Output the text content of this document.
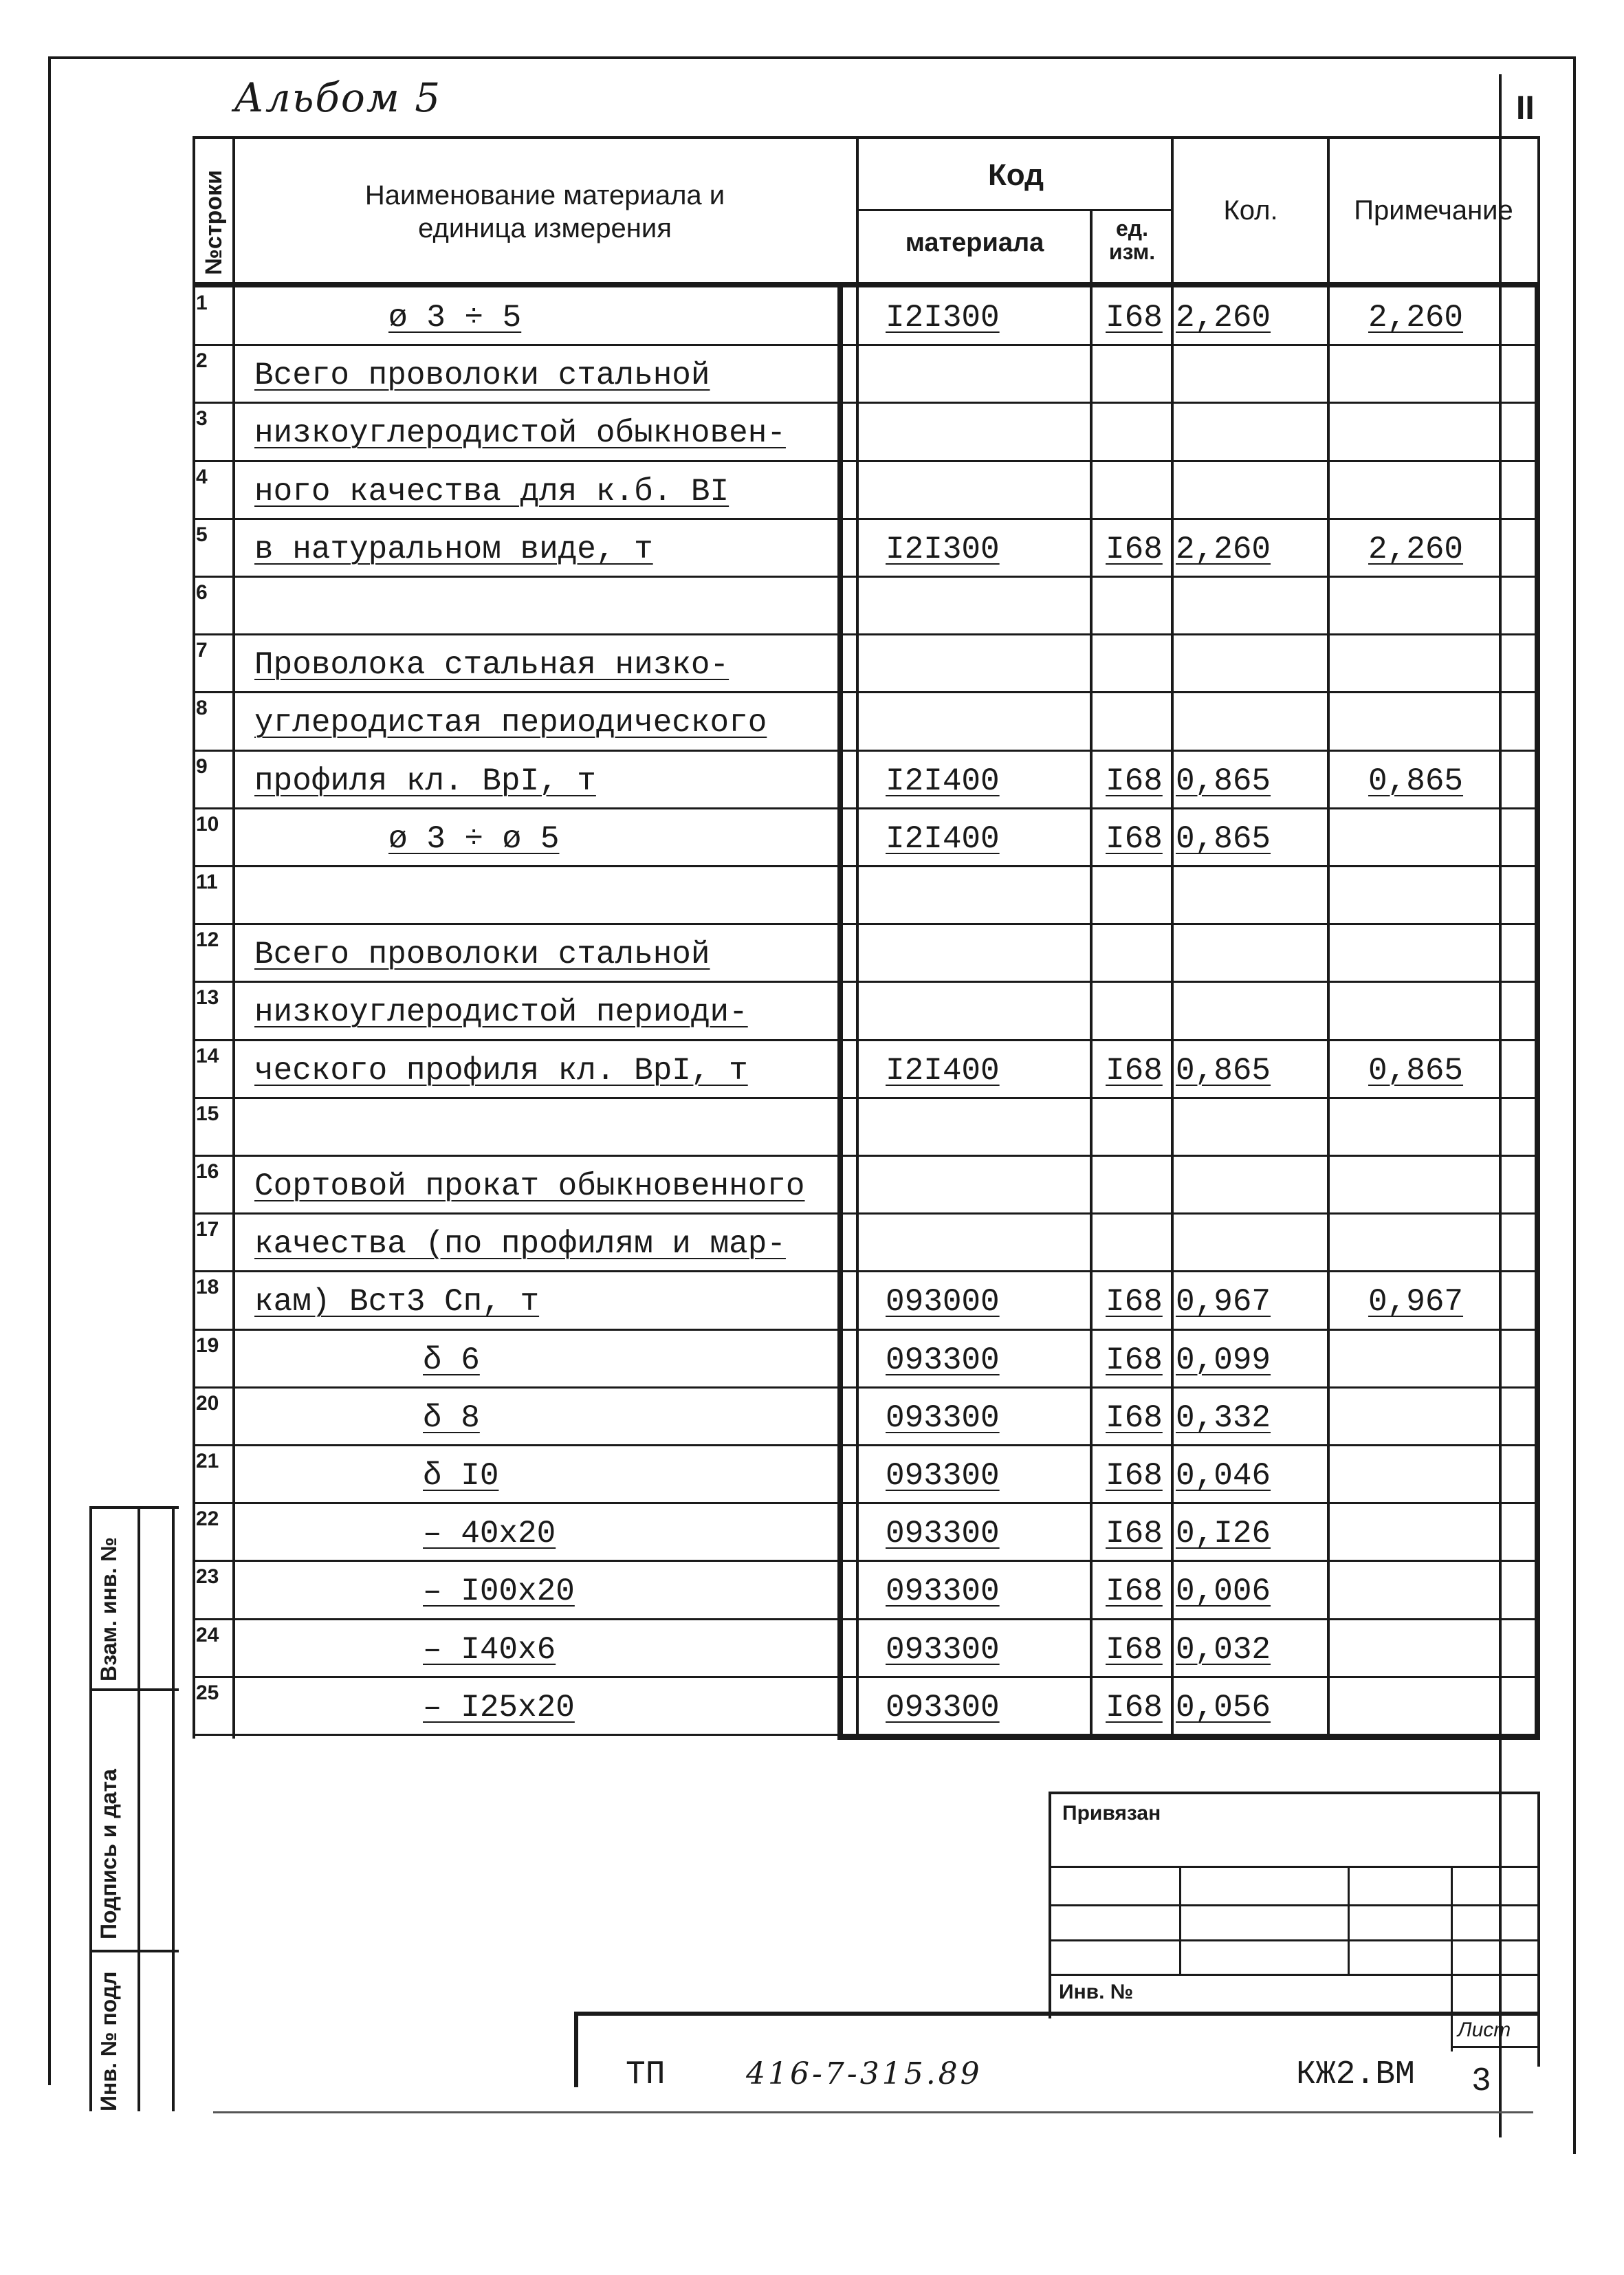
Альбом 5	II
№строки	Наименование материала и
единица измерения
Код
материала	ед.
изм.
Кол.	Примечание
1	ø 3 ÷ 5	I2I300	I68 2,260	2,260
2 Всего проволоки стальной
3 низкоуглеродистой обыкновен-
4 ного качества для к.б. BI
5 в натуральном виде, т	I2I300	I68 2,260	2,260
6
7 Проволока стальная низко-
8 углеродистая периодического
9 профиля кл. BpI, т	I2I400	I68 0,865	0,865
10	ø 3 ÷ ø 5	I2I400	I68 0,865
11
12 Всего проволоки стальной
13 низкоуглеродистой периоди-
14 ческого профиля кл. BpI, т	I2I400	I68 0,865	0,865
15
16 Сортовой прокат обыкновенного
17 качества (по профилям и мар-
18 кам) Вст3 Сп, т	093000	I68 0,967	0,967
19	δ 6	093300	I68 0,099
20	δ 8	093300	I68 0,332
21	δ I0	093300	I68 0,046
22	– 40x20	093300	I68 0,I26
23	– I00x20	093300	I68 0,006
24	– I40x6	093300	I68 0,032
25	– I25x20	093300	I68 0,056
Взам. инв. №
Подпись и дата
Инв. № подл
Привязан
Инв. №
Лист
ТП	416-7-315.89	КЖ2.ВМ 3
